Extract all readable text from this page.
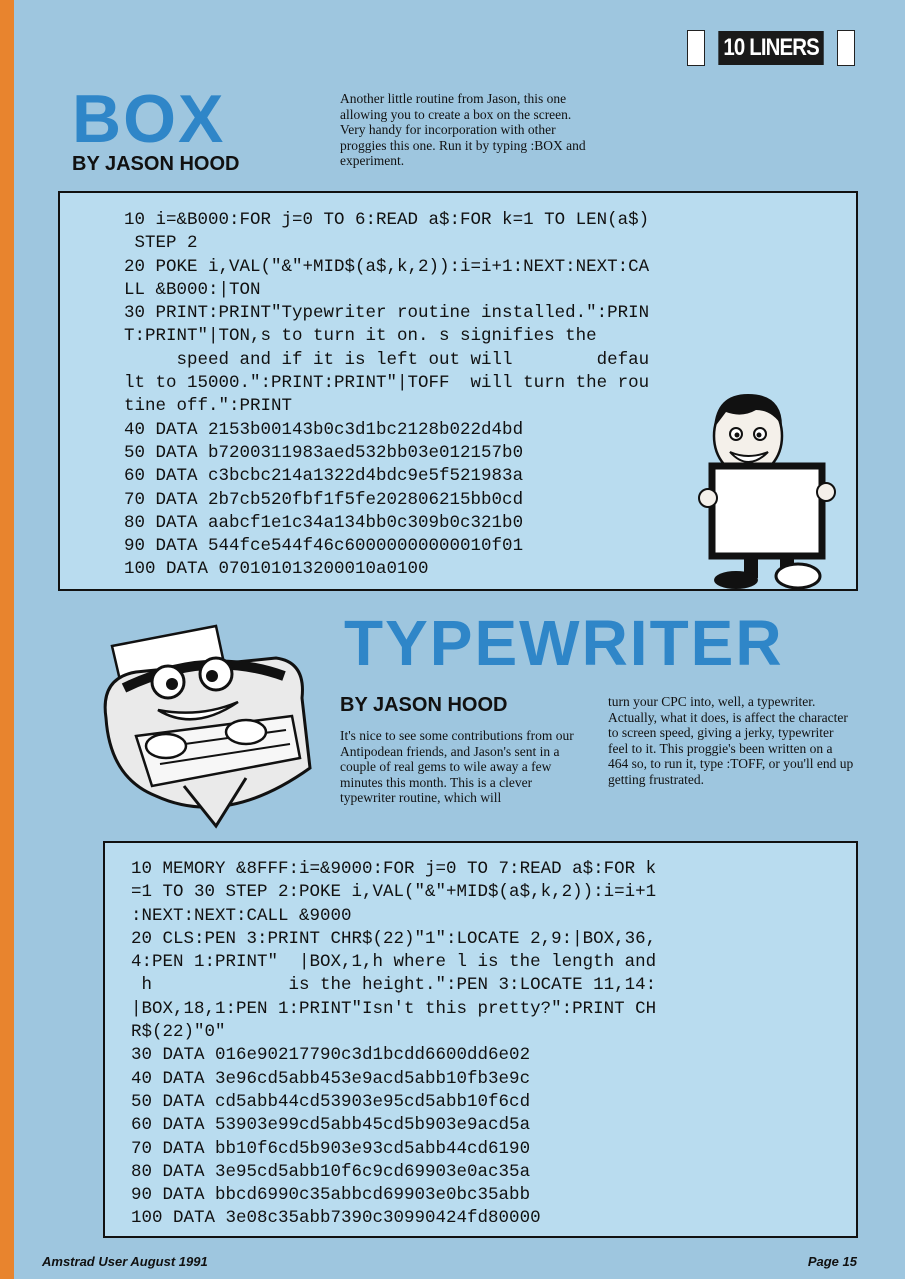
10 LINERS
BOX
BY JASON HOOD
Another little routine from Jason, this one allowing you to create a box on the screen. Very handy for incorporation with other proggies this one. Run it by typing :BOX and experiment.
10 i=&B000:FOR j=0 TO 6:READ a$:FOR k=1 TO LEN(a$)
STEP 2
20 POKE i,VAL("&"+MID$(a$,k,2)):i=i+1:NEXT:NEXT:CA
LL &B000:|TON
30 PRINT:PRINT"Typewriter routine installed.":PRIN
T:PRINT"|TON,s to turn it on. s signifies the
speed and if it is left out will        defau
lt to 15000.":PRINT:PRINT"|TOFF  will turn the rou
tine off.":PRINT
40 DATA 2153b00143b0c3d1bc2128b022d4bd
50 DATA b7200311983aed532bb03e012157b0
60 DATA c3bcbc214a1322d4bdc9e5f521983a
70 DATA 2b7cb520fbf1f5fe202806215bb0cd
80 DATA aabcf1e1c34a134bb0c309b0c321b0
90 DATA 544fce544f46c60000000000010f01
100 DATA 070101013200010a0100
TYPEWRITER
BY JASON HOOD
It's nice to see some contributions from our Antipodean friends, and Jason's sent in a couple of real gems to wile away a few minutes this month. This is a clever typewriter routine, which will
turn your CPC into, well, a typewriter. Actually, what it does, is affect the character to screen speed, giving a jerky, typewriter feel to it. This proggie's been written on a 464 so, to run it, type :TOFF, or you'll end up getting frustrated.
10 MEMORY &8FFF:i=&9000:FOR j=0 TO 7:READ a$:FOR k
=1 TO 30 STEP 2:POKE i,VAL("&"+MID$(a$,k,2)):i=i+1
:NEXT:NEXT:CALL &9000
20 CLS:PEN 3:PRINT CHR$(22)"1":LOCATE 2,9:|BOX,36,
4:PEN 1:PRINT"  |BOX,1,h where l is the length and
h             is the height.":PEN 3:LOCATE 11,14:
|BOX,18,1:PEN 1:PRINT"Isn't this pretty?":PRINT CH
R$(22)"0"
30 DATA 016e90217790c3d1bcdd6600dd6e02
40 DATA 3e96cd5abb453e9acd5abb10fb3e9c
50 DATA cd5abb44cd53903e95cd5abb10f6cd
60 DATA 53903e99cd5abb45cd5b903e9acd5a
70 DATA bb10f6cd5b903e93cd5abb44cd6190
80 DATA 3e95cd5abb10f6c9cd69903e0ac35a
90 DATA bbcd6990c35abbcd69903e0bc35abb
100 DATA 3e08c35abb7390c30990424fd80000
Amstrad User August 1991	Page 15
